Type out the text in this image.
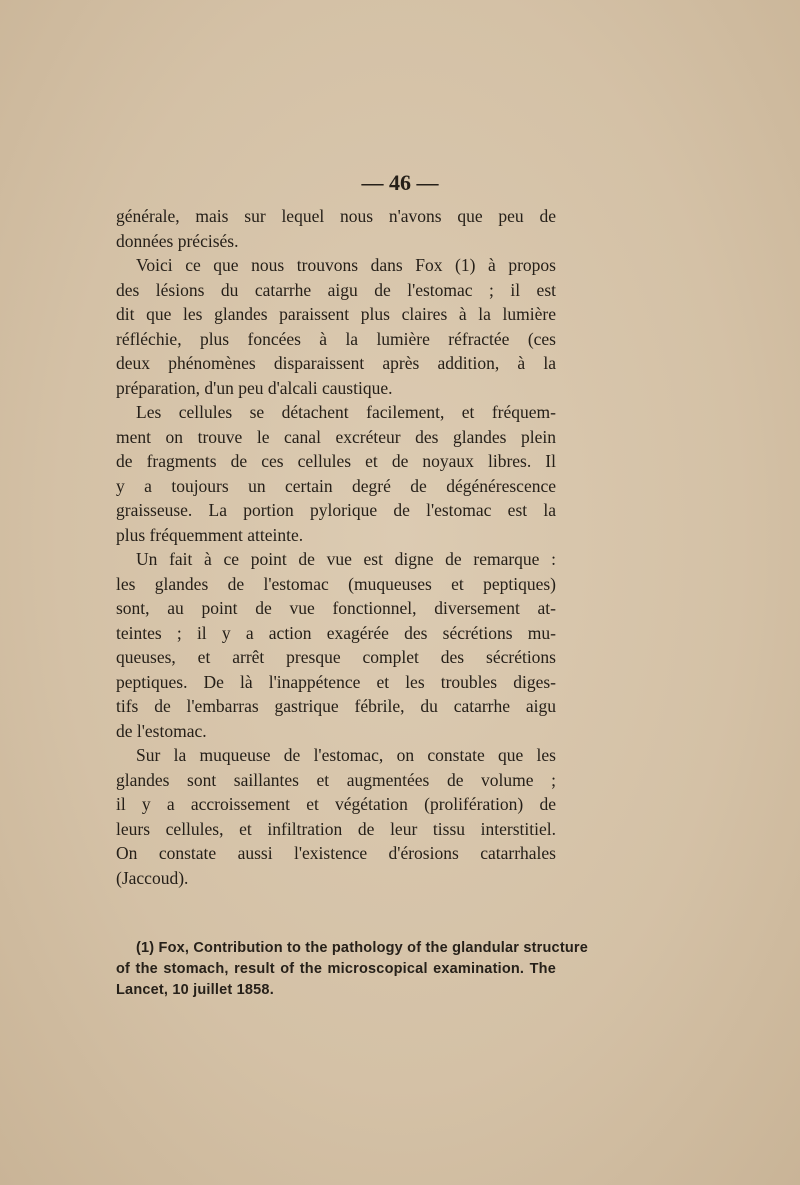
— 46 —
générale, mais sur lequel nous n'avons que peu de
données précisés.
Voici ce que nous trouvons dans Fox (1) à propos
des lésions du catarrhe aigu de l'estomac ; il est
dit que les glandes paraissent plus claires à la lumière
réfléchie, plus foncées à la lumière réfractée (ces
deux phénomènes disparaissent après addition, à la
préparation, d'un peu d'alcali caustique.
Les cellules se détachent facilement, et fréquem-
ment on trouve le canal excréteur des glandes plein
de fragments de ces cellules et de noyaux libres. Il
y a toujours un certain degré de dégénérescence
graisseuse. La portion pylorique de l'estomac est la
plus fréquemment atteinte.
Un fait à ce point de vue est digne de remarque :
les glandes de l'estomac (muqueuses et peptiques)
sont, au point de vue fonctionnel, diversement at-
teintes ; il y a action exagérée des sécrétions mu-
queuses, et arrêt presque complet des sécrétions
peptiques. De là l'inappétence et les troubles diges-
tifs de l'embarras gastrique fébrile, du catarrhe aigu
de l'estomac.
Sur la muqueuse de l'estomac, on constate que les
glandes sont saillantes et augmentées de volume ;
il y a accroissement et végétation (prolifération) de
leurs cellules, et infiltration de leur tissu interstitiel.
On constate aussi l'existence d'érosions catarrhales
(Jaccoud).
(1) Fox, Contribution to the pathology of the glandular structure
of the stomach, result of the microscopical examination. The
Lancet, 10 juillet 1858.
